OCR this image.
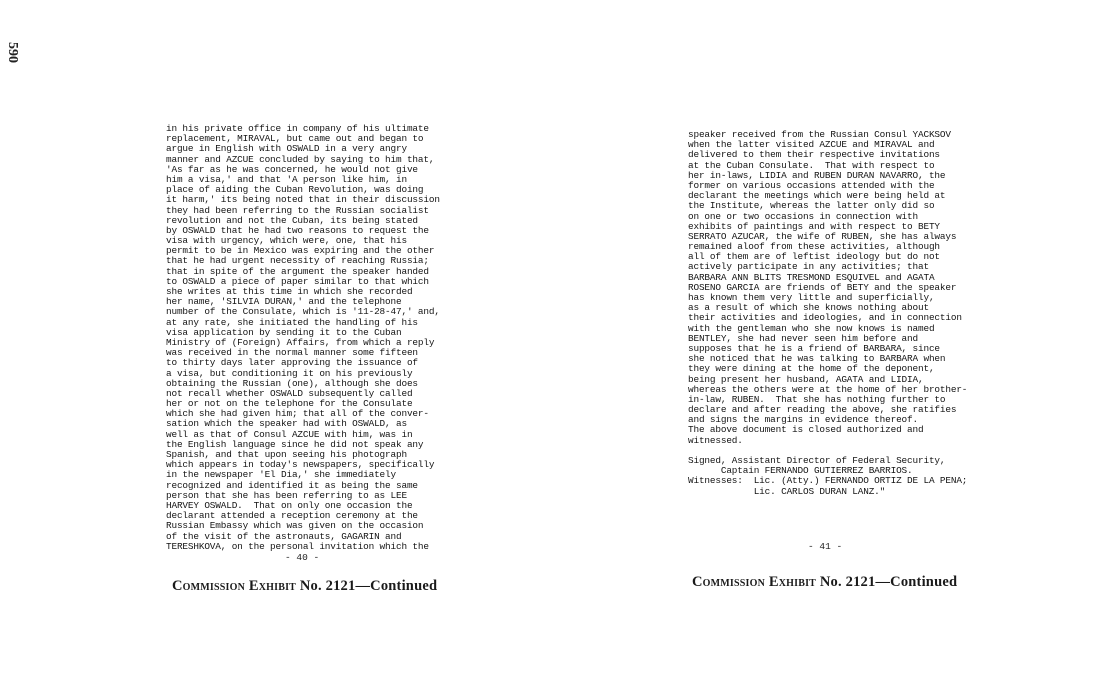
590
in his private office in company of his ultimate
replacement, MIRAVAL, but came out and began to
argue in English with OSWALD in a very angry
manner and AZCUE concluded by saying to him that,
'As far as he was concerned, he would not give
him a visa,' and that 'A person like him, in
place of aiding the Cuban Revolution, was doing
it harm,' its being noted that in their discussion
they had been referring to the Russian socialist
revolution and not the Cuban, its being stated
by OSWALD that he had two reasons to request the
visa with urgency, which were, one, that his
permit to be in Mexico was expiring and the other
that he had urgent necessity of reaching Russia;
that in spite of the argument the speaker handed
to OSWALD a piece of paper similar to that which
she writes at this time in which she recorded
her name, 'SILVIA DURAN,' and the telephone
number of the Consulate, which is '11-28-47,' and,
at any rate, she initiated the handling of his
visa application by sending it to the Cuban
Ministry of (Foreign) Affairs, from which a reply
was received in the normal manner some fifteen
to thirty days later approving the issuance of
a visa, but conditioning it on his previously
obtaining the Russian (one), although she does
not recall whether OSWALD subsequently called
her or not on the telephone for the Consulate
which she had given him; that all of the conver-
sation which the speaker had with OSWALD, as
well as that of Consul AZCUE with him, was in
the English language since he did not speak any
Spanish, and that upon seeing his photograph
which appears in today's newspapers, specifically
in the newspaper 'El Dia,' she immediately
recognized and identified it as being the same
person that she has been referring to as LEE
HARVEY OSWALD.  That on only one occasion the
declarant attended a reception ceremony at the
Russian Embassy which was given on the occasion
of the visit of the astronauts, GAGARIN and
TERESHKOVA, on the personal invitation which the
speaker received from the Russian Consul YACKSOV
when the latter visited AZCUE and MIRAVAL and
delivered to them their respective invitations
at the Cuban Consulate.  That with respect to
her in-laws, LIDIA and RUBEN DURAN NAVARRO, the
former on various occasions attended with the
declarant the meetings which were being held at
the Institute, whereas the latter only did so
on one or two occasions in connection with
exhibits of paintings and with respect to BETY
SERRATO AZUCAR, the wife of RUBEN, she has always
remained aloof from these activities, although
all of them are of leftist ideology but do not
actively participate in any activities; that
BARBARA ANN BLITS TRESMOND ESQUIVEL and AGATA
ROSENO GARCIA are friends of BETY and the speaker
has known them very little and superficially,
as a result of which she knows nothing about
their activities and ideologies, and in connection
with the gentleman who she now knows is named
BENTLEY, she had never seen him before and
supposes that he is a friend of BARBARA, since
she noticed that he was talking to BARBARA when
they were dining at the home of the deponent,
being present her husband, AGATA and LIDIA,
whereas the others were at the home of her brother-
in-law, RUBEN.  That she has nothing further to
declare and after reading the above, she ratifies
and signs the margins in evidence thereof.
The above document is closed authorized and
witnessed.
Signed, Assistant Director of Federal Security,
Captain FERNANDO GUTIERREZ BARRIOS.
Witnesses:  Lic. (Atty.) FERNANDO ORTIZ DE LA PENA;
Lic. CARLOS DURAN LANZ."
- 40 -
- 41 -
Commission Exhibit No. 2121—Continued	Commission Exhibit No. 2121—Continued
